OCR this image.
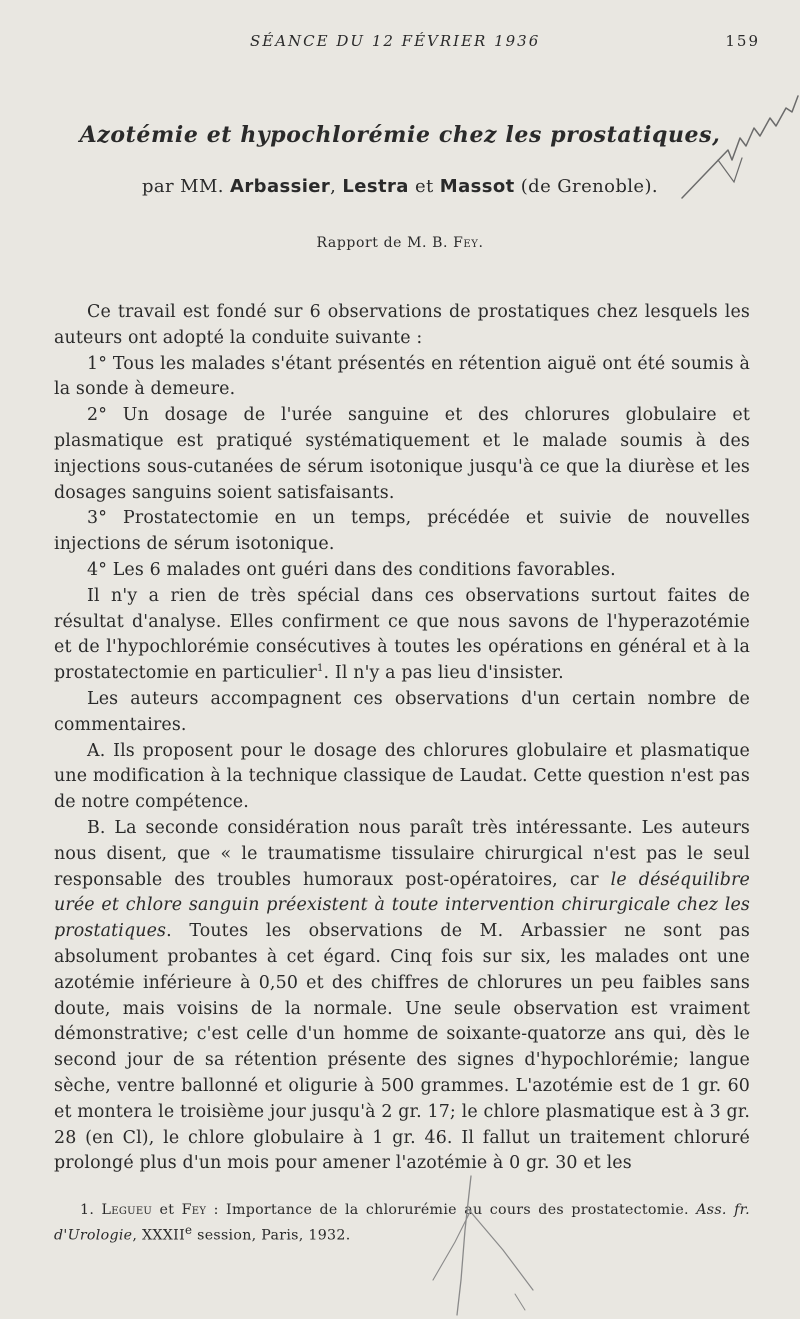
SÉANCE DU 12 FÉVRIER 1936	159
Azotémie et hypochlorémie chez les prostatiques,
par MM. Arbassier, Lestra et Massot (de Grenoble).
Rapport de M. B. Fey.

Ce travail est fondé sur 6 observations de prostatiques chez lesquels les auteurs ont adopté la conduite suivante :

1° Tous les malades s'étant présentés en rétention aiguë ont été soumis à la sonde à demeure.

2° Un dosage de l'urée sanguine et des chlorures globulaire et plasmatique est pratiqué systématiquement et le malade soumis à des injections sous-cutanées de sérum isotonique jusqu'à ce que la diurèse et les dosages sanguins soient satisfaisants.

3° Prostatectomie en un temps, précédée et suivie de nouvelles injections de sérum isotonique.

4° Les 6 malades ont guéri dans des conditions favorables.

Il n'y a rien de très spécial dans ces observations surtout faites de résultat d'analyse. Elles confirment ce que nous savons de l'hyperazotémie et de l'hypochlorémie consécutives à toutes les opérations en général et à la prostatectomie en particulier$^1$. Il n'y a pas lieu d'insister.

Les auteurs accompagnent ces observations d'un certain nombre de commentaires.

A. Ils proposent pour le dosage des chlorures globulaire et plasmatique une modification à la technique classique de Laudat. Cette question n'est pas de notre compétence.

B. La seconde considération nous paraît très intéressante. Les auteurs nous disent, que « le traumatisme tissulaire chirurgical n'est pas le seul responsable des troubles humoraux post-opératoires, car le déséquilibre urée et chlore sanguin préexistent à toute intervention chirurgicale chez les prostatiques. Toutes les observations de M. Arbassier ne sont pas absolument probantes à cet égard. Cinq fois sur six, les malades ont une azotémie inférieure à 0,50 et des chiffres de chlorures un peu faibles sans doute, mais voisins de la normale. Une seule observation est vraiment démonstrative; c'est celle d'un homme de soixante-quatorze ans qui, dès le second jour de sa rétention présente des signes d'hypochlorémie; langue sèche, ventre ballonné et oligurie à 500 grammes. L'azotémie est de 1 gr. 60 et montera le troisième jour jusqu'à 2 gr. 17; le chlore plasmatique est à 3 gr. 28 (en Cl), le chlore globulaire à 1 gr. 46. Il fallut un traitement chloruré prolongé plus d'un mois pour amener l'azotémie à 0 gr. 30 et les

1. Legueu et Fey : Importance de la chlorurémie au cours des prostatectomie. Ass. fr. d'Urologie, XXXIIe session, Paris, 1932.
